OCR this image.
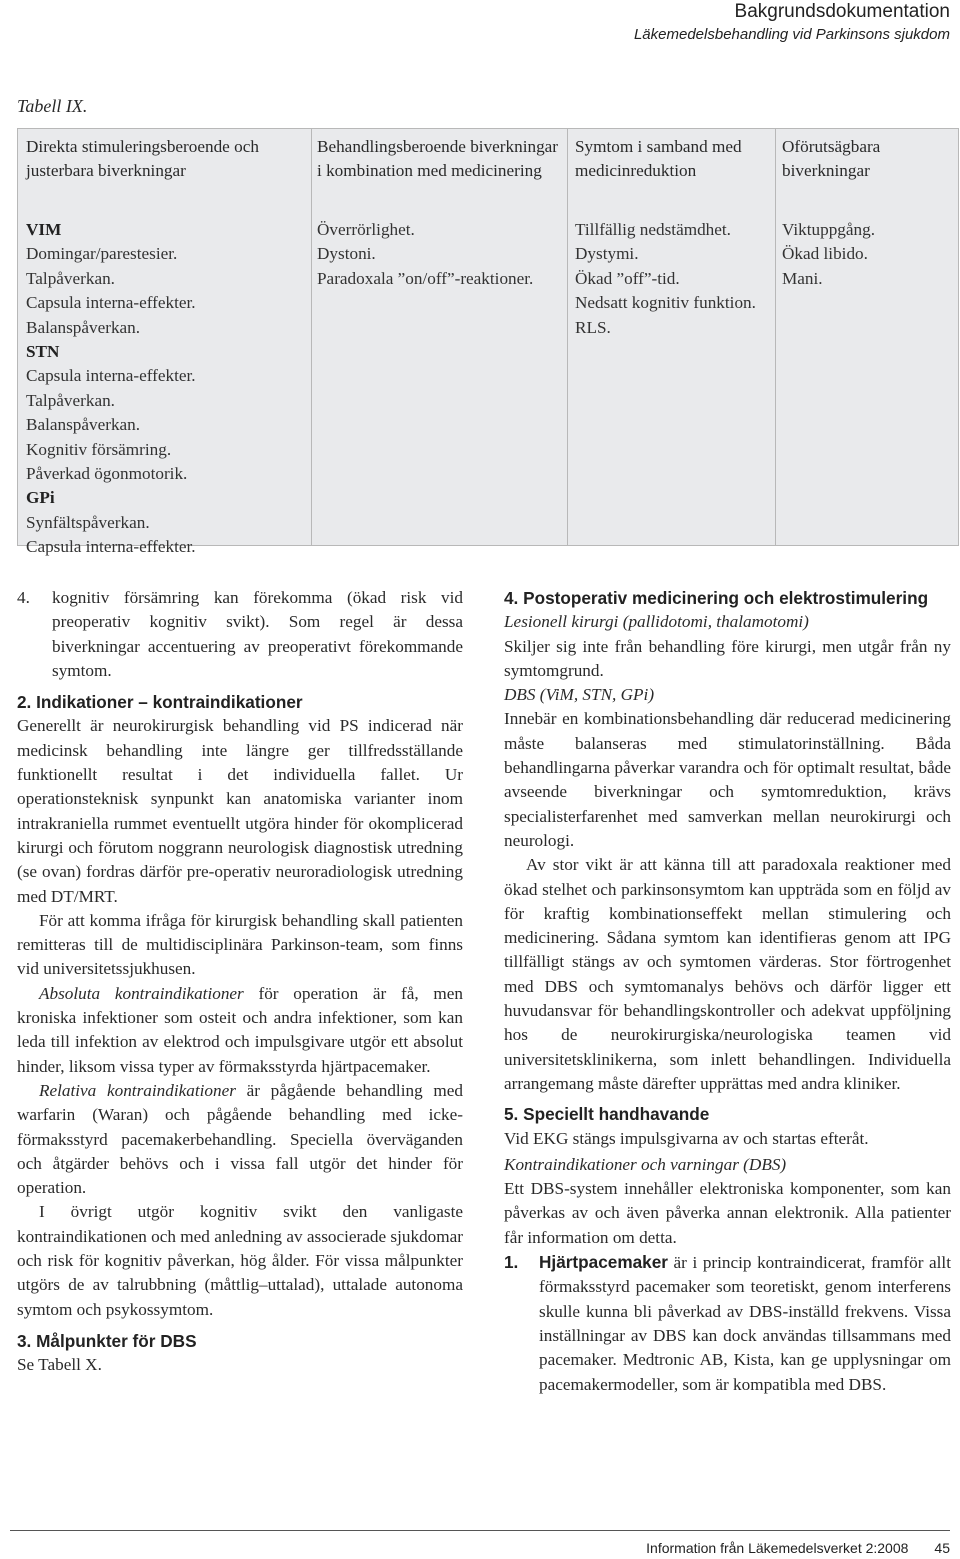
Bakgrundsdokumentation
Läkemedelsbehandling vid Parkinsons sjukdom
Tabell IX.
Direkta stimuleringsberoende och justerbara biverkningar
VIM
Domingar/parestesier.
Talpåverkan.
Capsula interna-effekter.
Balanspåverkan.
STN
Capsula interna-effekter.
Talpåverkan.
Balanspåverkan.
Kognitiv försämring.
Påverkad ögonmotorik.
GPi
Synfältspåverkan.
Capsula interna-effekter.
Behandlingsberoende biverkningar i kombination med medicinering
Överrörlighet.
Dystoni.
Paradoxala ”on/off”-reaktioner.
Symtom i samband med medicinreduktion
Tillfällig nedstämdhet.
Dystymi.
Ökad ”off”-tid.
Nedsatt kognitiv funktion.
RLS.
Oförutsägbara biverkningar
Viktuppgång.
Ökad libido.
Mani.

4. kognitiv försämring kan förekomma (ökad risk vid preoperativ kognitiv svikt). Som regel är dessa biverkningar accentuering av preoperativt förekommande symtom.

2. Indikationer – kontraindikationer

Generellt är neurokirurgisk behandling vid PS indicerad när medicinsk behandling inte längre ger tillfredsställande funktionellt resultat i det individuella fallet. Ur operationsteknisk synpunkt kan anatomiska varianter inom intrakraniella rummet eventuellt utgöra hinder för okomplicerad kirurgi och förutom noggrann neurologisk diagnostisk utredning (se ovan) fordras därför pre-operativ neuroradiologisk utredning med DT/MRT.

För att komma ifråga för kirurgisk behandling skall patienten remitteras till de multidisciplinära Parkinson-team, som finns vid universitetssjukhusen.

Absoluta kontraindikationer för operation är få, men kroniska infektioner som osteit och andra infektioner, som kan leda till infektion av elektrod och impulsgivare utgör ett absolut hinder, liksom vissa typer av förmaksstyrda hjärtpacemaker.

Relativa kontraindikationer är pågående behandling med warfarin (Waran) och pågående behandling med icke-förmaksstyrd pacemakerbehandling. Speciella överväganden och åtgärder behövs och i vissa fall utgör det hinder för operation.

I övrigt utgör kognitiv svikt den vanligaste kontraindikationen och med anledning av associerade sjukdomar och risk för kognitiv påverkan, hög ålder. För vissa målpunkter utgörs de av talrubbning (måttlig–uttalad), uttalade autonoma symtom och psykossymtom.

3. Målpunkter för DBS

Se Tabell X.

4. Postoperativ medicinering och elektrostimulering

Lesionell kirurgi (pallidotomi, thalamotomi)

Skiljer sig inte från behandling före kirurgi, men utgår från ny symtomgrund.

DBS (ViM, STN, GPi)

Innebär en kombinationsbehandling där reducerad medicinering måste balanseras med stimulatorinställning. Båda behandlingarna påverkar varandra och för optimalt resultat, både avseende biverkningar och symtomreduktion, krävs specialisterfarenhet med samverkan mellan neurokirurgi och neurologi.

Av stor vikt är att känna till att paradoxala reaktioner med ökad stelhet och parkinsonsymtom kan uppträda som en följd av för kraftig kombinationseffekt mellan stimulering och medicinering. Sådana symtom kan identifieras genom att IPG tillfälligt stängs av och symtomen värderas. Stor förtrogenhet med DBS och symtomanalys behövs och därför ligger ett huvudansvar för behandlingskontroller och adekvat uppföljning hos de neurokirurgiska/neurologiska teamen vid universitetsklinikerna, som inlett behandlingen. Individuella arrangemang måste därefter upprättas med andra kliniker.

5. Speciellt handhavande

Vid EKG stängs impulsgivarna av och startas efteråt.

Kontraindikationer och varningar (DBS)

Ett DBS-system innehåller elektroniska komponenter, som kan påverkas av och även påverka annan elektronik. Alla patienter får information om detta.

1. Hjärtpacemaker är i princip kontraindicerat, framför allt förmaksstyrd pacemaker som teoretiskt, genom interferens skulle kunna bli påverkad av DBS-inställd frekvens. Vissa inställningar av DBS kan dock användas tillsammans med pacemaker. Medtronic AB, Kista, kan ge upplysningar om pacemakermodeller, som är kompatibla med DBS.

Information från Läkemedelsverket 2:2008 45
